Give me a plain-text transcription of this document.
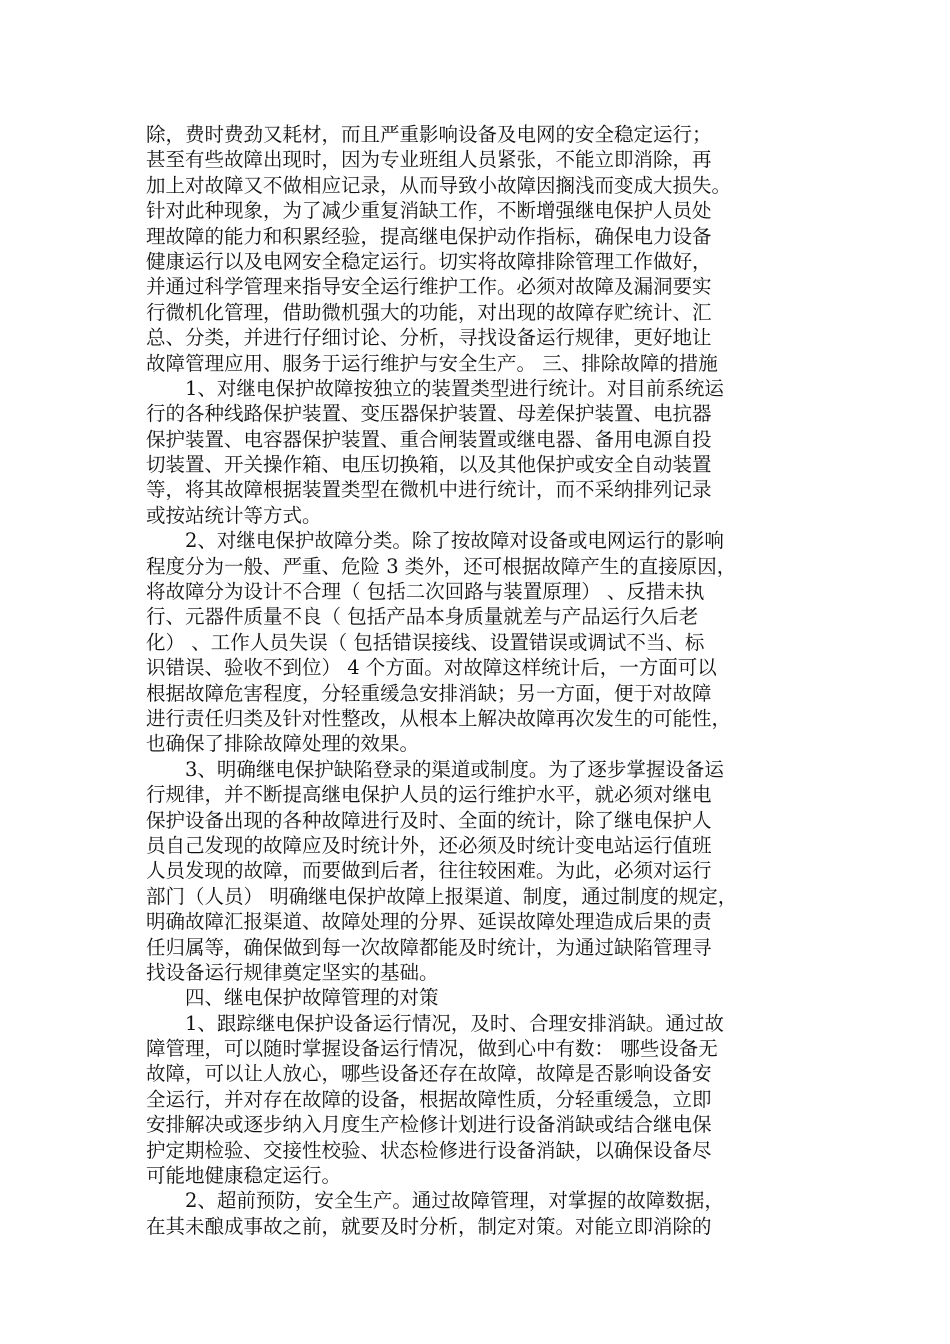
除，费时费劲又耗材，而且严重影响设备及电网的安全稳定运行；
甚至有些故障出现时，因为专业班组人员紧张，不能立即消除，再
加上对故障又不做相应记录，从而导致小故障因搁浅而变成大损失。
针对此种现象，为了减少重复消缺工作，不断增强继电保护人员处
理故障的能力和积累经验，提高继电保护动作指标，确保电力设备
健康运行以及电网安全稳定运行。切实将故障排除管理工作做好，
并通过科学管理来指导安全运行维护工作。必须对故障及漏洞要实
行微机化管理，借助微机强大的功能，对出现的故障存贮统计、汇
总、分类，并进行仔细讨论、分析，寻找设备运行规律，更好地让
故障管理应用、服务于运行维护与安全生产。 三、排除故障的措施
　　1、对继电保护故障按独立的装置类型进行统计。对目前系统运
行的各种线路保护装置、变压器保护装置、母差保护装置、电抗器
保护装置、电容器保护装置、重合闸装置或继电器、备用电源自投
切装置、开关操作箱、电压切换箱，以及其他保护或安全自动装置
等，将其故障根据装置类型在微机中进行统计，而不采纳排列记录
或按站统计等方式。
　　2、对继电保护故障分类。除了按故障对设备或电网运行的影响
程度分为一般、严重、危险 3 类外，还可根据故障产生的直接原因，
将故障分为设计不合理（ 包括二次回路与装置原理） 、反措未执
行、元器件质量不良（ 包括产品本身质量就差与产品运行久后老
化） 、工作人员失误（ 包括错误接线、设置错误或调试不当、标
识错误、验收不到位） 4 个方面。对故障这样统计后，一方面可以
根据故障危害程度，分轻重缓急安排消缺；另一方面，便于对故障
进行责任归类及针对性整改，从根本上解决故障再次发生的可能性，
也确保了排除故障处理的效果。
　　3、明确继电保护缺陷登录的渠道或制度。为了逐步掌握设备运
行规律，并不断提高继电保护人员的运行维护水平，就必须对继电
保护设备出现的各种故障进行及时、全面的统计，除了继电保护人
员自己发现的故障应及时统计外，还必须及时统计变电站运行值班
人员发现的故障，而要做到后者，往往较困难。为此，必须对运行
部门（人员） 明确继电保护故障上报渠道、制度，通过制度的规定，
明确故障汇报渠道、故障处理的分界、延误故障处理造成后果的责
任归属等，确保做到每一次故障都能及时统计，为通过缺陷管理寻
找设备运行规律奠定坚实的基础。
　　四、继电保护故障管理的对策
　　1、跟踪继电保护设备运行情况，及时、合理安排消缺。通过故
障管理，可以随时掌握设备运行情况，做到心中有数： 哪些设备无
故障，可以让人放心，哪些设备还存在故障，故障是否影响设备安
全运行，并对存在故障的设备，根据故障性质，分轻重缓急，立即
安排解决或逐步纳入月度生产检修计划进行设备消缺或结合继电保
护定期检验、交接性校验、状态检修进行设备消缺，以确保设备尽
可能地健康稳定运行。
　　2、超前预防，安全生产。通过故障管理，对掌握的故障数据，
在其未酿成事故之前，就要及时分析，制定对策。对能立即消除的
